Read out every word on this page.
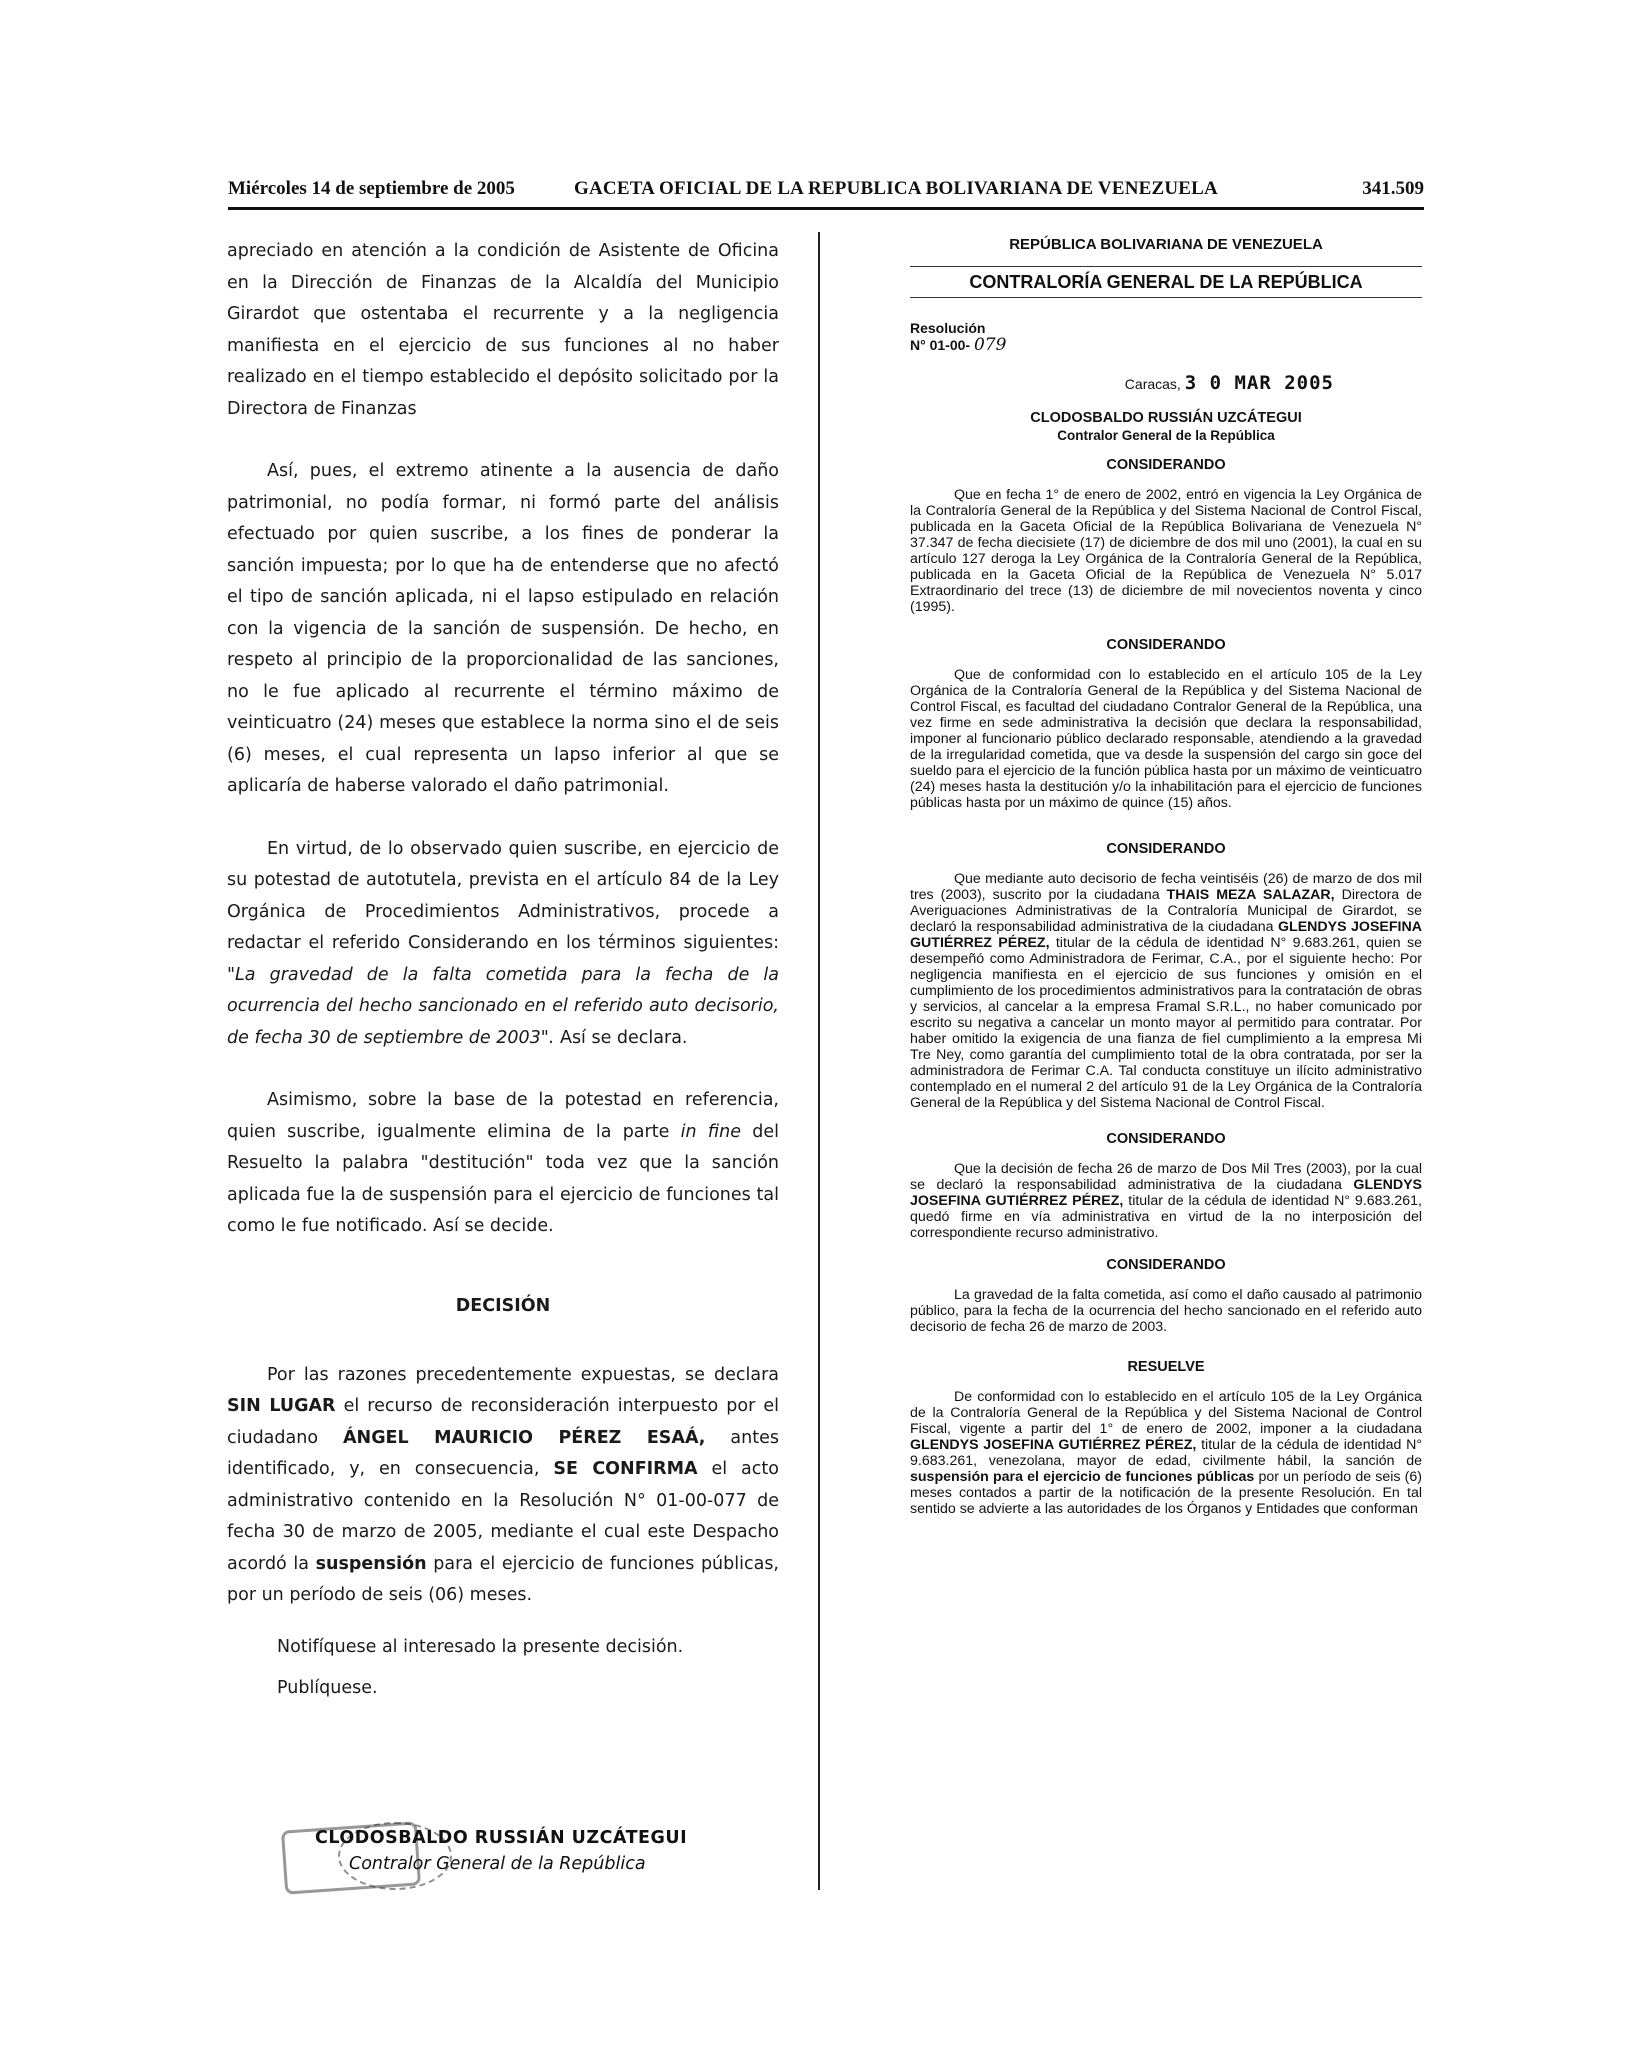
Miércoles 14 de septiembre de 2005	GACETA OFICIAL DE LA REPUBLICA BOLIVARIANA DE VENEZUELA	341.509

apreciado en atención a la condición de Asistente de Oficina en la Dirección de Finanzas de la Alcaldía del Municipio Girardot que ostentaba el recurrente y a la negligencia manifiesta en el ejercicio de sus funciones al no haber realizado en el tiempo establecido el depósito solicitado por la Directora de Finanzas

Así, pues, el extremo atinente a la ausencia de daño patrimonial, no podía formar, ni formó parte del análisis efectuado por quien suscribe, a los fines de ponderar la sanción impuesta; por lo que ha de entenderse que no afectó el tipo de sanción aplicada, ni el lapso estipulado en relación con la vigencia de la sanción de suspensión. De hecho, en respeto al principio de la proporcionalidad de las sanciones, no le fue aplicado al recurrente el término máximo de veinticuatro (24) meses que establece la norma sino el de seis (6) meses, el cual representa un lapso inferior al que se aplicaría de haberse valorado el daño patrimonial.

En virtud, de lo observado quien suscribe, en ejercicio de su potestad de autotutela, prevista en el artículo 84 de la Ley Orgánica de Procedimientos Administrativos, procede a redactar el referido Considerando en los términos siguientes: "La gravedad de la falta cometida para la fecha de la ocurrencia del hecho sancionado en el referido auto decisorio, de fecha 30 de septiembre de 2003". Así se declara.

Asimismo, sobre la base de la potestad en referencia, quien suscribe, igualmente elimina de la parte in fine del Resuelto la palabra "destitución" toda vez que la sanción aplicada fue la de suspensión para el ejercicio de funciones tal como le fue notificado. Así se decide.

DECISIÓN

Por las razones precedentemente expuestas, se declara SIN LUGAR el recurso de reconsideración interpuesto por el ciudadano ÁNGEL MAURICIO PÉREZ ESAÁ, antes identificado, y, en consecuencia, SE CONFIRMA el acto administrativo contenido en la Resolución N° 01-00-077 de fecha 30 de marzo de 2005, mediante el cual este Despacho acordó la suspensión para el ejercicio de funciones públicas, por un período de seis (06) meses.

Notifíquese al interesado la presente decisión.

Publíquese.

CLODOSBALDO RUSSIÁN UZCÁTEGUI
Contralor General de la República

REPÚBLICA BOLIVARIANA DE VENEZUELA

CONTRALORÍA GENERAL DE LA REPÚBLICA

Resolución

N° 01-00- 079

Caracas, 3 0 MAR 2005

CLODOSBALDO RUSSIÁN UZCÁTEGUI
Contralor General de la República

CONSIDERANDO

Que en fecha 1° de enero de 2002, entró en vigencia la Ley Orgánica de la Contraloría General de la República y del Sistema Nacional de Control Fiscal, publicada en la Gaceta Oficial de la República Bolivariana de Venezuela N° 37.347 de fecha diecisiete (17) de diciembre de dos mil uno (2001), la cual en su artículo 127 deroga la Ley Orgánica de la Contraloría General de la República, publicada en la Gaceta Oficial de la República de Venezuela N° 5.017 Extraordinario del trece (13) de diciembre de mil novecientos noventa y cinco (1995).

CONSIDERANDO

Que de conformidad con lo establecido en el artículo 105 de la Ley Orgánica de la Contraloría General de la República y del Sistema Nacional de Control Fiscal, es facultad del ciudadano Contralor General de la República, una vez firme en sede administrativa la decisión que declara la responsabilidad, imponer al funcionario público declarado responsable, atendiendo a la gravedad de la irregularidad cometida, que va desde la suspensión del cargo sin goce del sueldo para el ejercicio de la función pública hasta por un máximo de veinticuatro (24) meses hasta la destitución y/o la inhabilitación para el ejercicio de funciones públicas hasta por un máximo de quince (15) años.

CONSIDERANDO

Que mediante auto decisorio de fecha veintiséis (26) de marzo de dos mil tres (2003), suscrito por la ciudadana THAIS MEZA SALAZAR, Directora de Averiguaciones Administrativas de la Contraloría Municipal de Girardot, se declaró la responsabilidad administrativa de la ciudadana GLENDYS JOSEFINA GUTIÉRREZ PÉREZ, titular de la cédula de identidad N° 9.683.261, quien se desempeñó como Administradora de Ferimar, C.A., por el siguiente hecho: Por negligencia manifiesta en el ejercicio de sus funciones y omisión en el cumplimiento de los procedimientos administrativos para la contratación de obras y servicios, al cancelar a la empresa Framal S.R.L., no haber comunicado por escrito su negativa a cancelar un monto mayor al permitido para contratar. Por haber omitido la exigencia de una fianza de fiel cumplimiento a la empresa Mi Tre Ney, como garantía del cumplimiento total de la obra contratada, por ser la administradora de Ferimar C.A. Tal conducta constituye un ilícito administrativo contemplado en el numeral 2 del artículo 91 de la Ley Orgánica de la Contraloría General de la República y del Sistema Nacional de Control Fiscal.

CONSIDERANDO

Que la decisión de fecha 26 de marzo de Dos Mil Tres (2003), por la cual se declaró la responsabilidad administrativa de la ciudadana GLENDYS JOSEFINA GUTIÉRREZ PÉREZ, titular de la cédula de identidad N° 9.683.261, quedó firme en vía administrativa en virtud de la no interposición del correspondiente recurso administrativo.

CONSIDERANDO

La gravedad de la falta cometida, así como el daño causado al patrimonio público, para la fecha de la ocurrencia del hecho sancionado en el referido auto decisorio de fecha 26 de marzo de 2003.

RESUELVE

De conformidad con lo establecido en el artículo 105 de la Ley Orgánica de la Contraloría General de la República y del Sistema Nacional de Control Fiscal, vigente a partir del 1° de enero de 2002, imponer a la ciudadana GLENDYS JOSEFINA GUTIÉRREZ PÉREZ, titular de la cédula de identidad N° 9.683.261, venezolana, mayor de edad, civilmente hábil, la sanción de suspensión para el ejercicio de funciones públicas por un período de seis (6) meses contados a partir de la notificación de la presente Resolución. En tal sentido se advierte a las autoridades de los Órganos y Entidades que conforman
